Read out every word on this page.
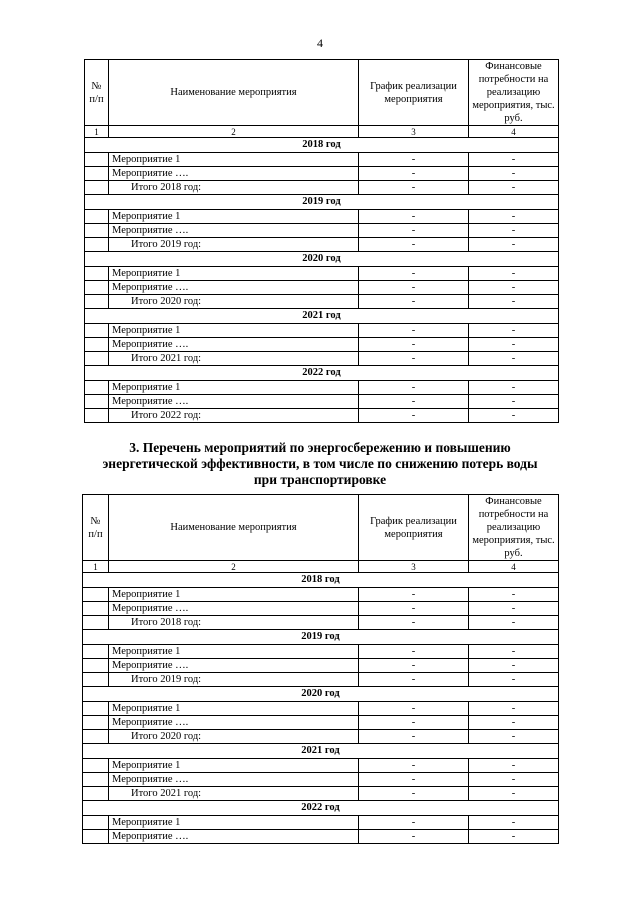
4
№ п/п	Наименование мероприятия	График реализации мероприятия	Финансовые потребности на реализацию мероприятия, тыс. руб.
1	2	3	4
2018 год			
	Мероприятие 1	-	-
	Мероприятие ….	-	-
	Итого 2018 год:	-	-
2019 год			
	Мероприятие 1	-	-
	Мероприятие ….	-	-
	Итого 2019 год:	-	-
2020 год			
	Мероприятие 1	-	-
	Мероприятие ….	-	-
	Итого 2020 год:	-	-
2021 год			
	Мероприятие 1	-	-
	Мероприятие ….	-	-
	Итого 2021 год:	-	-
2022 год			
	Мероприятие 1	-	-
	Мероприятие ….	-	-
	Итого 2022 год:	-	-
3. Перечень мероприятий по энергосбережению и повышению
энергетической эффективности, в том числе по снижению потерь воды
при транспортировке
№ п/п	Наименование мероприятия	График реализации мероприятия	Финансовые потребности на реализацию мероприятия, тыс. руб.
1	2	3	4
2018 год			
	Мероприятие 1	-	-
	Мероприятие ….	-	-
	Итого 2018 год:	-	-
2019 год			
	Мероприятие 1	-	-
	Мероприятие ….	-	-
	Итого 2019 год:	-	-
2020 год			
	Мероприятие 1	-	-
	Мероприятие ….	-	-
	Итого 2020 год:	-	-
2021 год			
	Мероприятие 1	-	-
	Мероприятие ….	-	-
	Итого 2021 год:	-	-
2022 год			
	Мероприятие 1	-	-
	Мероприятие ….	-	-
